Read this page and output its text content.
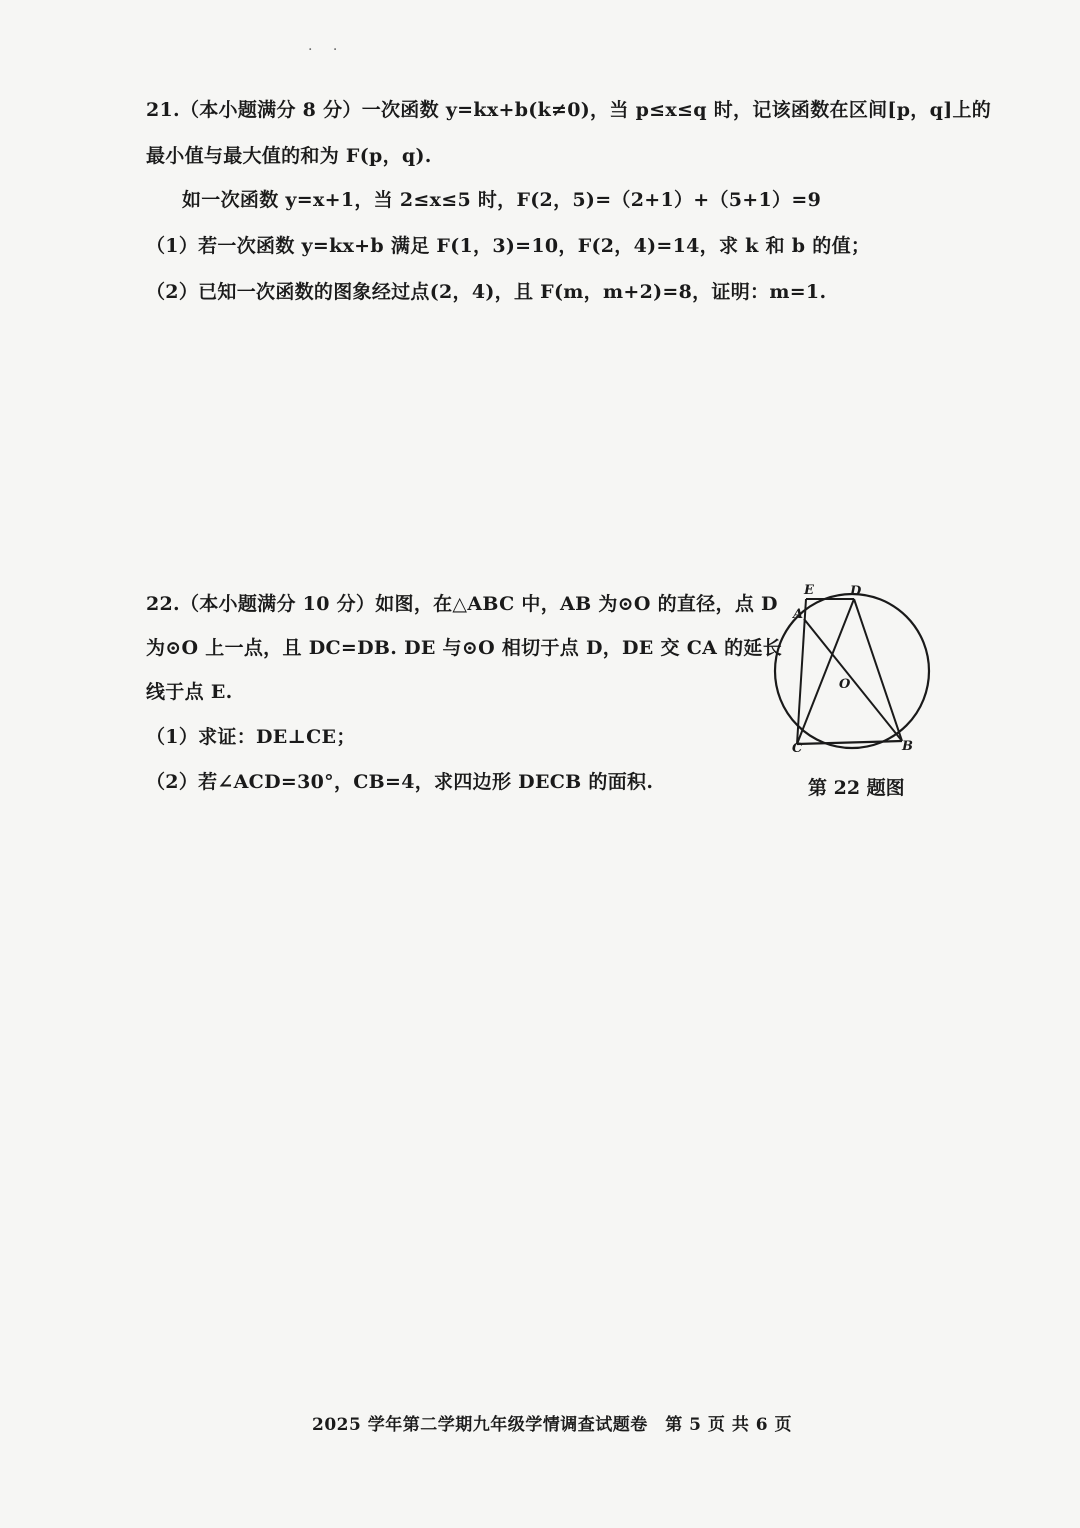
. .
21.（本小题满分 8 分）一次函数 y=kx+b(k≠0)，当 p≤x≤q 时，记该函数在区间[p，q]上的
最小值与最大值的和为 F(p，q).
如一次函数 y=x+1，当 2≤x≤5 时，F(2，5)=（2+1）+（5+1）=9
（1）若一次函数 y=kx+b 满足 F(1，3)=10，F(2，4)=14，求 k 和 b 的值；
（2）已知一次函数的图象经过点(2，4)，且 F(m，m+2)=8，证明：m=1.
22.（本小题满分 10 分）如图，在△ABC 中，AB 为⊙O 的直径，点 D
为⊙O 上一点，且 DC=DB. DE 与⊙O 相切于点 D，DE 交 CA 的延长
线于点 E.
（1）求证：DE⊥CE；
（2）若∠ACD=30°，CB=4，求四边形 DECB 的面积.
E	D
A
O
C	B
第 22 题图
2025 学年第二学期九年级学情调查试题卷　第 5 页 共 6 页
